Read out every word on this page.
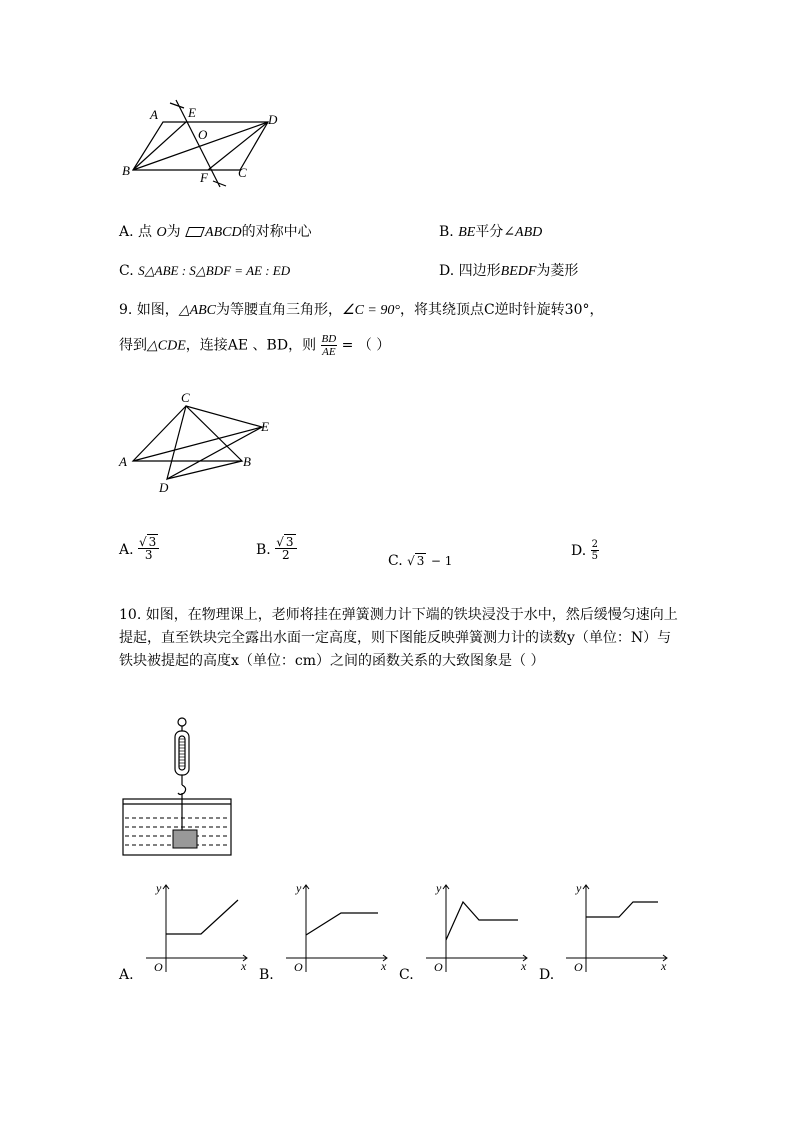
A E	D
O
B	F C
A. 点 O为 ABCD的对称中心	B. BE平分∠ABD
C. S△ABE : S△BDF = AE : ED	D. 四边形BEDF为菱形
9. 如图，△ABC为等腰直角三角形，∠C = 90°，将其绕顶点C逆时针旋转30°，
得到△CDE，连接AE 、BD，则 $\frac{BD}{AE}$ = （ ）
C
E
A	B
D
A. $\frac{√ 3}{3}$	B. $\frac{√ 3}{2}$	C. √ 3 − 1
D. $\frac{2}{5}$
10. 如图，在物理课上，老师将挂在弹簧测力计下端的铁块浸没于水中，然后缓慢匀速向上提起，直至铁块完全露出水面一定高度，则下图能反映弹簧测力计的读数y（单位：N）与铁块被提起的高度x（单位：cm）之间的函数关系的大致图象是（ ）
y
x
O
A.
y
x
O
B.
y
x
O
C.
y
x
O
D.
